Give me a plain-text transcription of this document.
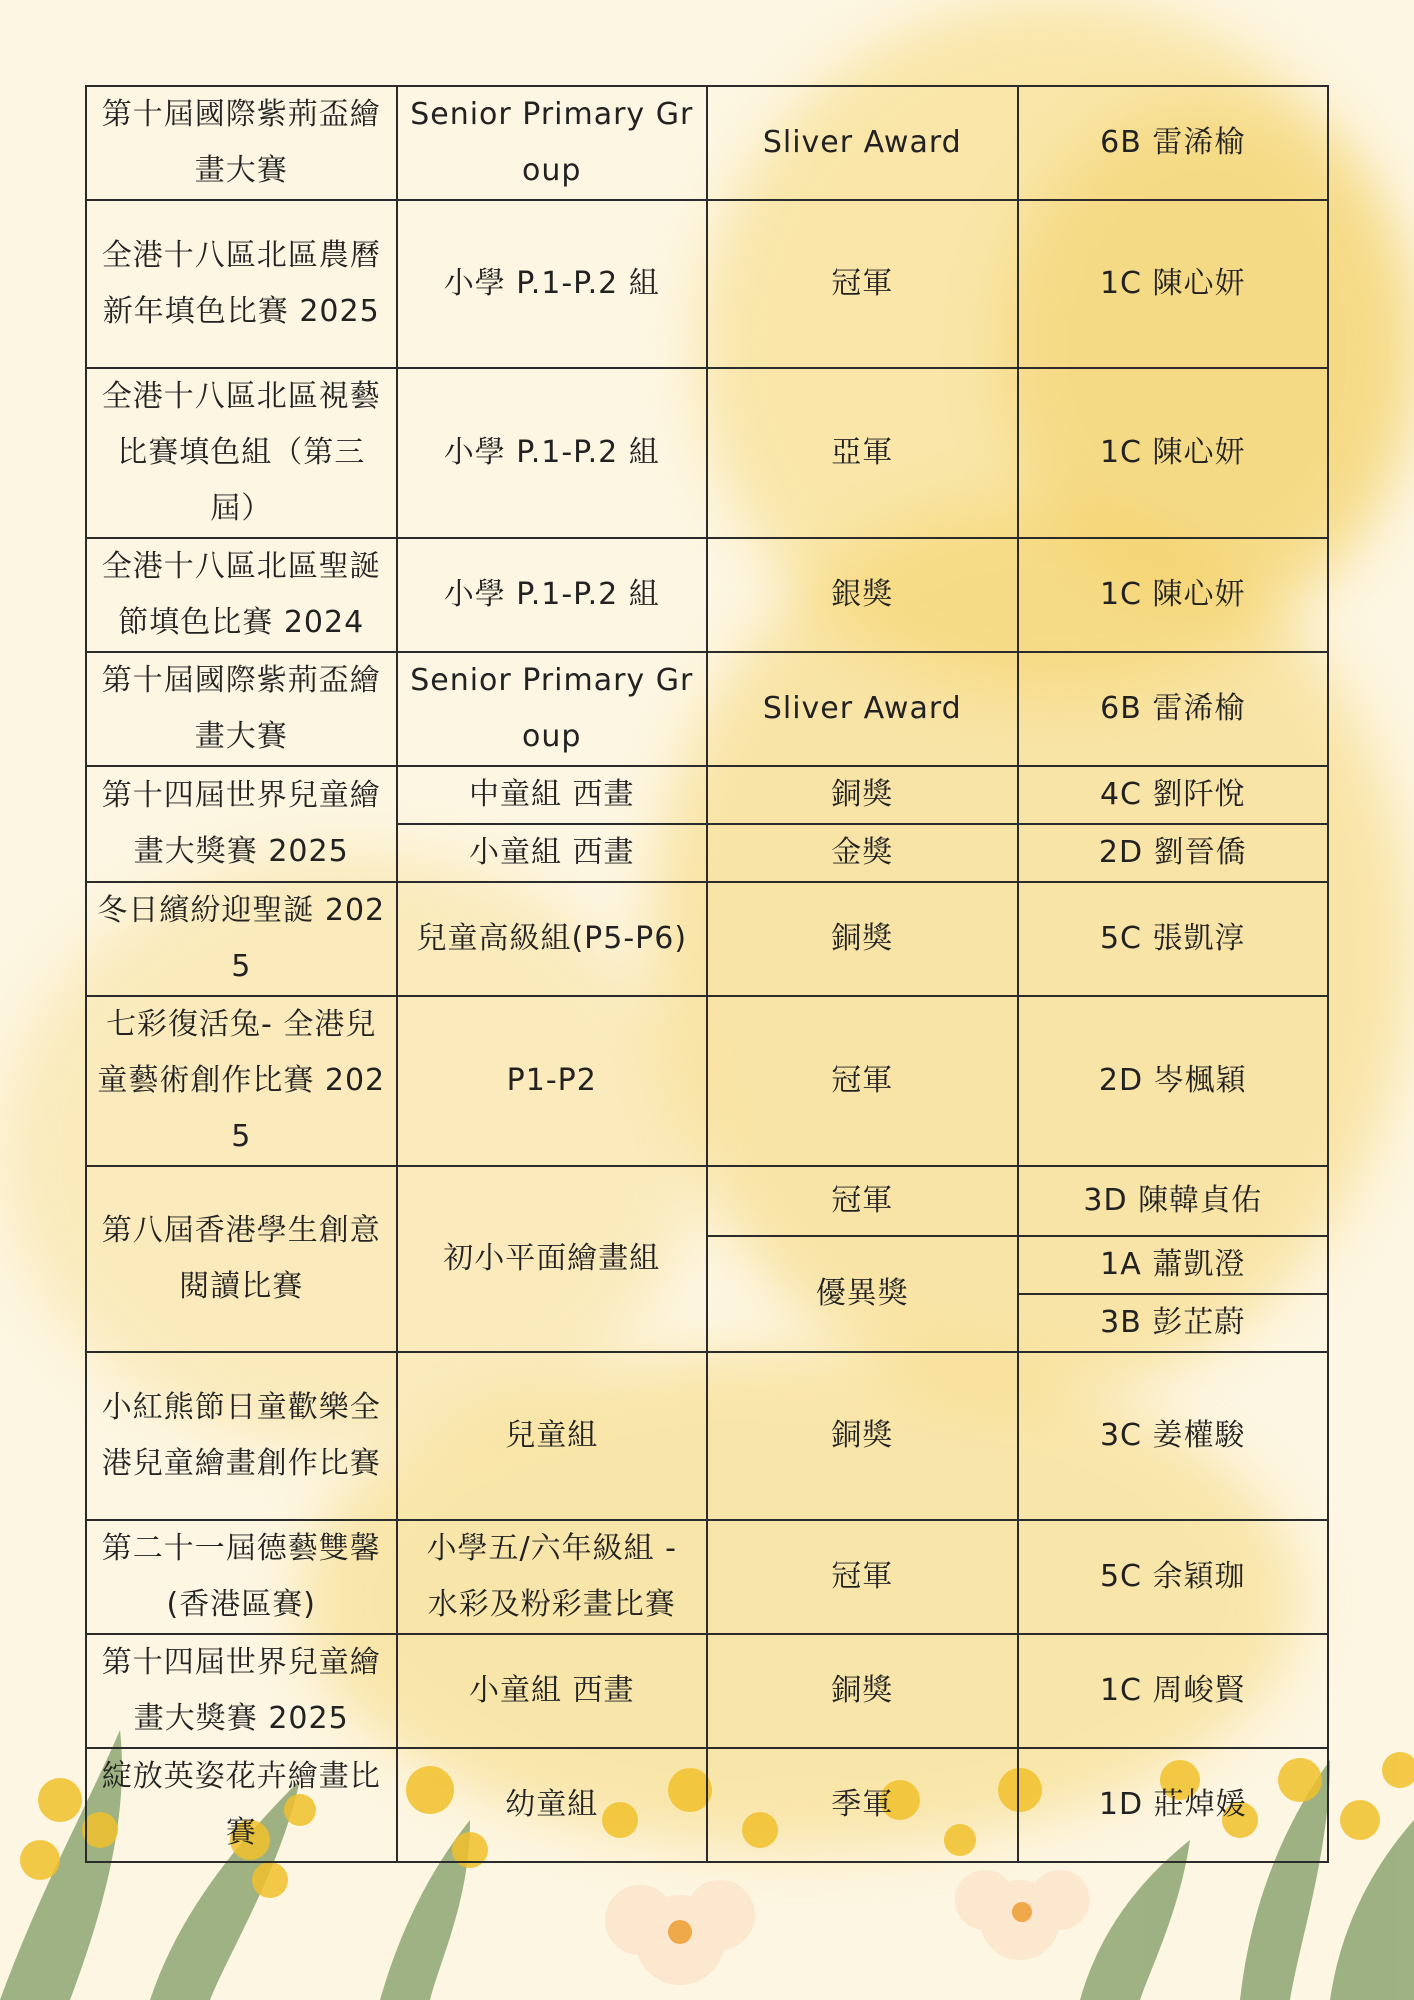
第十屆國際紫荊盃繪畫大賽	Senior Primary Group	Sliver Award	6B 雷浠榆
全港十八區北區農曆新年填色比賽 2025	小學 P.1-P.2 組	冠軍	1C 陳心妍
全港十八區北區視藝比賽填色組（第三屆）	小學 P.1-P.2 組	亞軍	1C 陳心妍
全港十八區北區聖誕節填色比賽 2024	小學 P.1-P.2 組	銀獎	1C 陳心妍
第十屆國際紫荊盃繪畫大賽	Senior Primary Group	Sliver Award	6B 雷浠榆
第十四屆世界兒童繪畫大獎賽 2025	中童組 西畫	銅獎	4C 劉阡悅
	小童組 西畫	金獎	2D 劉晉僑
冬日繽紛迎聖誕 2025	兒童高級組(P5-P6)	銅獎	5C 張凱淳
七彩復活兔- 全港兒童藝術創作比賽 2025	P1-P2	冠軍	2D 岑楓穎
第八屆香港學生創意閱讀比賽	初小平面繪畫組	冠軍	3D 陳韓貞佑
		優異獎	1A 蕭凱澄
			3B 彭芷蔚
小紅熊節日童歡樂全港兒童繪畫創作比賽	兒童組	銅獎	3C 姜權駿
第二十一屆德藝雙馨(香港區賽)	小學五/六年級組 - 水彩及粉彩畫比賽	冠軍	5C 余穎珈
第十四屆世界兒童繪畫大獎賽 2025	小童組 西畫	銅獎	1C 周峻賢
綻放英姿花卉繪畫比賽	幼童組	季軍	1D 莊焯媛
